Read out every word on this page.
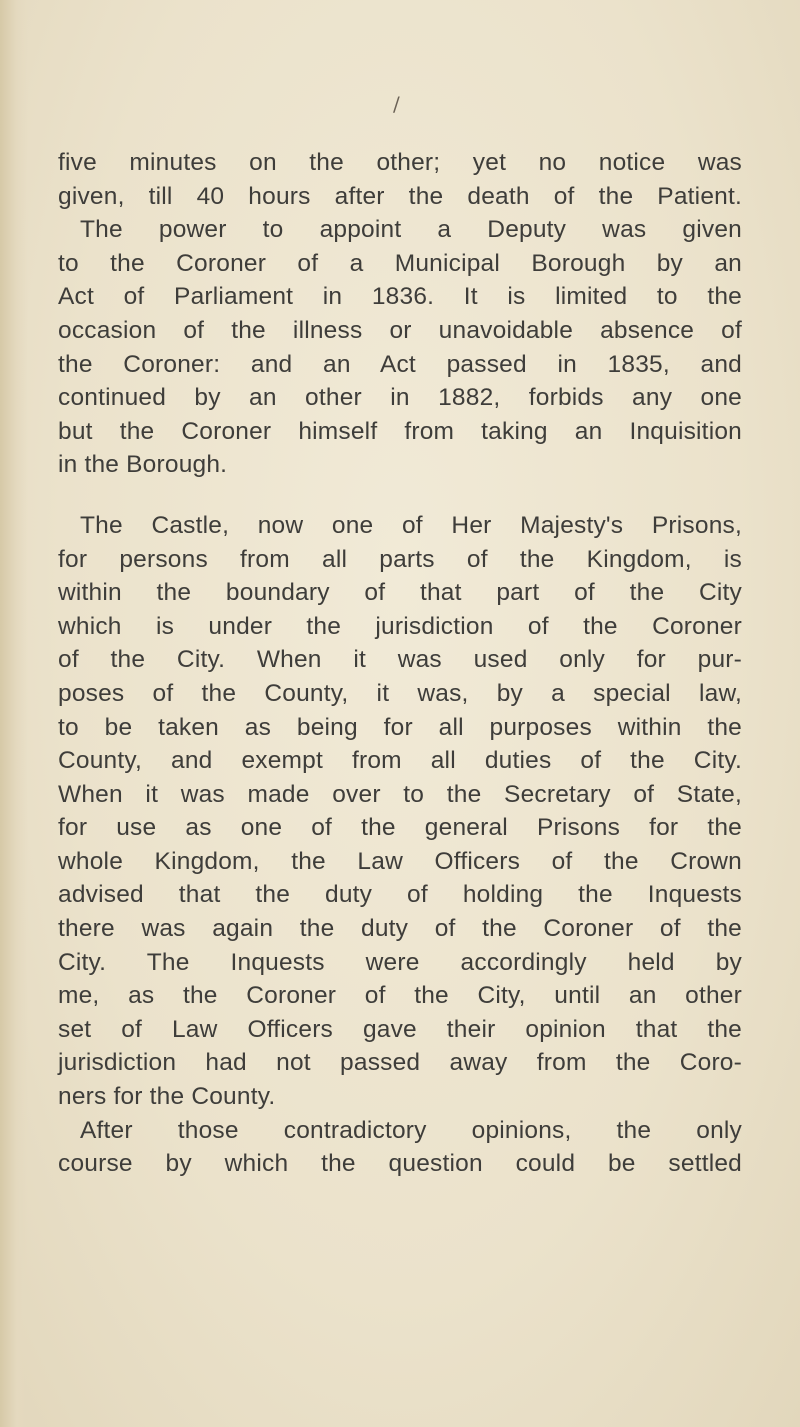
/
five minutes on the other; yet no notice was
given, till 40 hours after the death of the Patient.
The power to appoint a Deputy was given
to the Coroner of a Municipal Borough by an
Act of Parliament in 1836. It is limited to the
occasion of the illness or unavoidable absence of
the Coroner: and an Act passed in 1835, and
continued by an other in 1882, forbids any one
but the Coroner himself from taking an Inquisition
in the Borough.
The Castle, now one of Her Majesty's Prisons,
for persons from all parts of the Kingdom, is
within the boundary of that part of the City
which is under the jurisdiction of the Coroner
of the City. When it was used only for pur-
poses of the County, it was, by a special law,
to be taken as being for all purposes within the
County, and exempt from all duties of the City.
When it was made over to the Secretary of State,
for use as one of the general Prisons for the
whole Kingdom, the Law Officers of the Crown
advised that the duty of holding the Inquests
there was again the duty of the Coroner of the
City. The Inquests were accordingly held by
me, as the Coroner of the City, until an other
set of Law Officers gave their opinion that the
jurisdiction had not passed away from the Coro-
ners for the County.
After those contradictory opinions, the only
course by which the question could be settled
